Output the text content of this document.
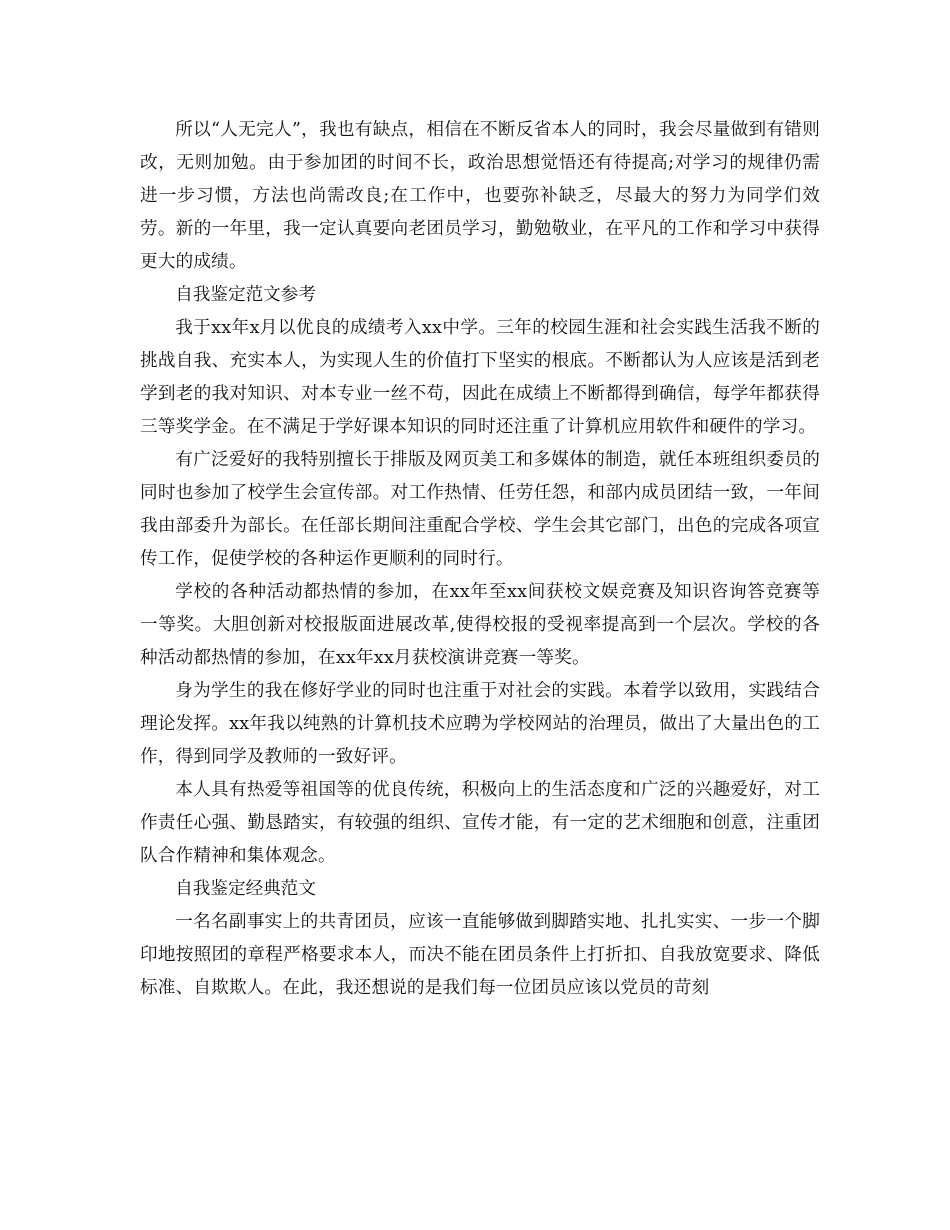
所以“人无完人”，我也有缺点，相信在不断反省本人的同时，我会尽量做到有错则改，无则加勉。由于参加团的时间不长，政治思想觉悟还有待提高;对学习的规律仍需进一步习惯，方法也尚需改良;在工作中，也要弥补缺乏，尽最大的努力为同学们效劳。新的一年里，我一定认真要向老团员学习，勤勉敬业，在平凡的工作和学习中获得更大的成绩。

自我鉴定范文参考

我于xx年x月以优良的成绩考入xx中学。三年的校园生涯和社会实践生活我不断的挑战自我、充实本人，为实现人生的价值打下坚实的根底。不断都认为人应该是活到老学到老的我对知识、对本专业一丝不苟，因此在成绩上不断都得到确信，每学年都获得三等奖学金。在不满足于学好课本知识的同时还注重了计算机应用软件和硬件的学习。

有广泛爱好的我特别擅长于排版及网页美工和多媒体的制造，就任本班组织委员的同时也参加了校学生会宣传部。对工作热情、任劳任怨，和部内成员团结一致，一年间我由部委升为部长。在任部长期间注重配合学校、学生会其它部门，出色的完成各项宣传工作，促使学校的各种运作更顺利的同时行。

学校的各种活动都热情的参加，在xx年至xx间获校文娱竞赛及知识咨询答竞赛等一等奖。大胆创新对校报版面进展改革,使得校报的受视率提高到一个层次。学校的各种活动都热情的参加，在xx年xx月获校演讲竞赛一等奖。

身为学生的我在修好学业的同时也注重于对社会的实践。本着学以致用，实践结合理论发挥。xx年我以纯熟的计算机技术应聘为学校网站的治理员，做出了大量出色的工作，得到同学及教师的一致好评。

本人具有热爱等祖国等的优良传统，积极向上的生活态度和广泛的兴趣爱好，对工作责任心强、勤恳踏实，有较强的组织、宣传才能，有一定的艺术细胞和创意，注重团队合作精神和集体观念。

自我鉴定经典范文

一名名副事实上的共青团员，应该一直能够做到脚踏实地、扎扎实实、一步一个脚印地按照团的章程严格要求本人，而决不能在团员条件上打折扣、自我放宽要求、降低标准、自欺欺人。在此，我还想说的是我们每一位团员应该以党员的苛刻
